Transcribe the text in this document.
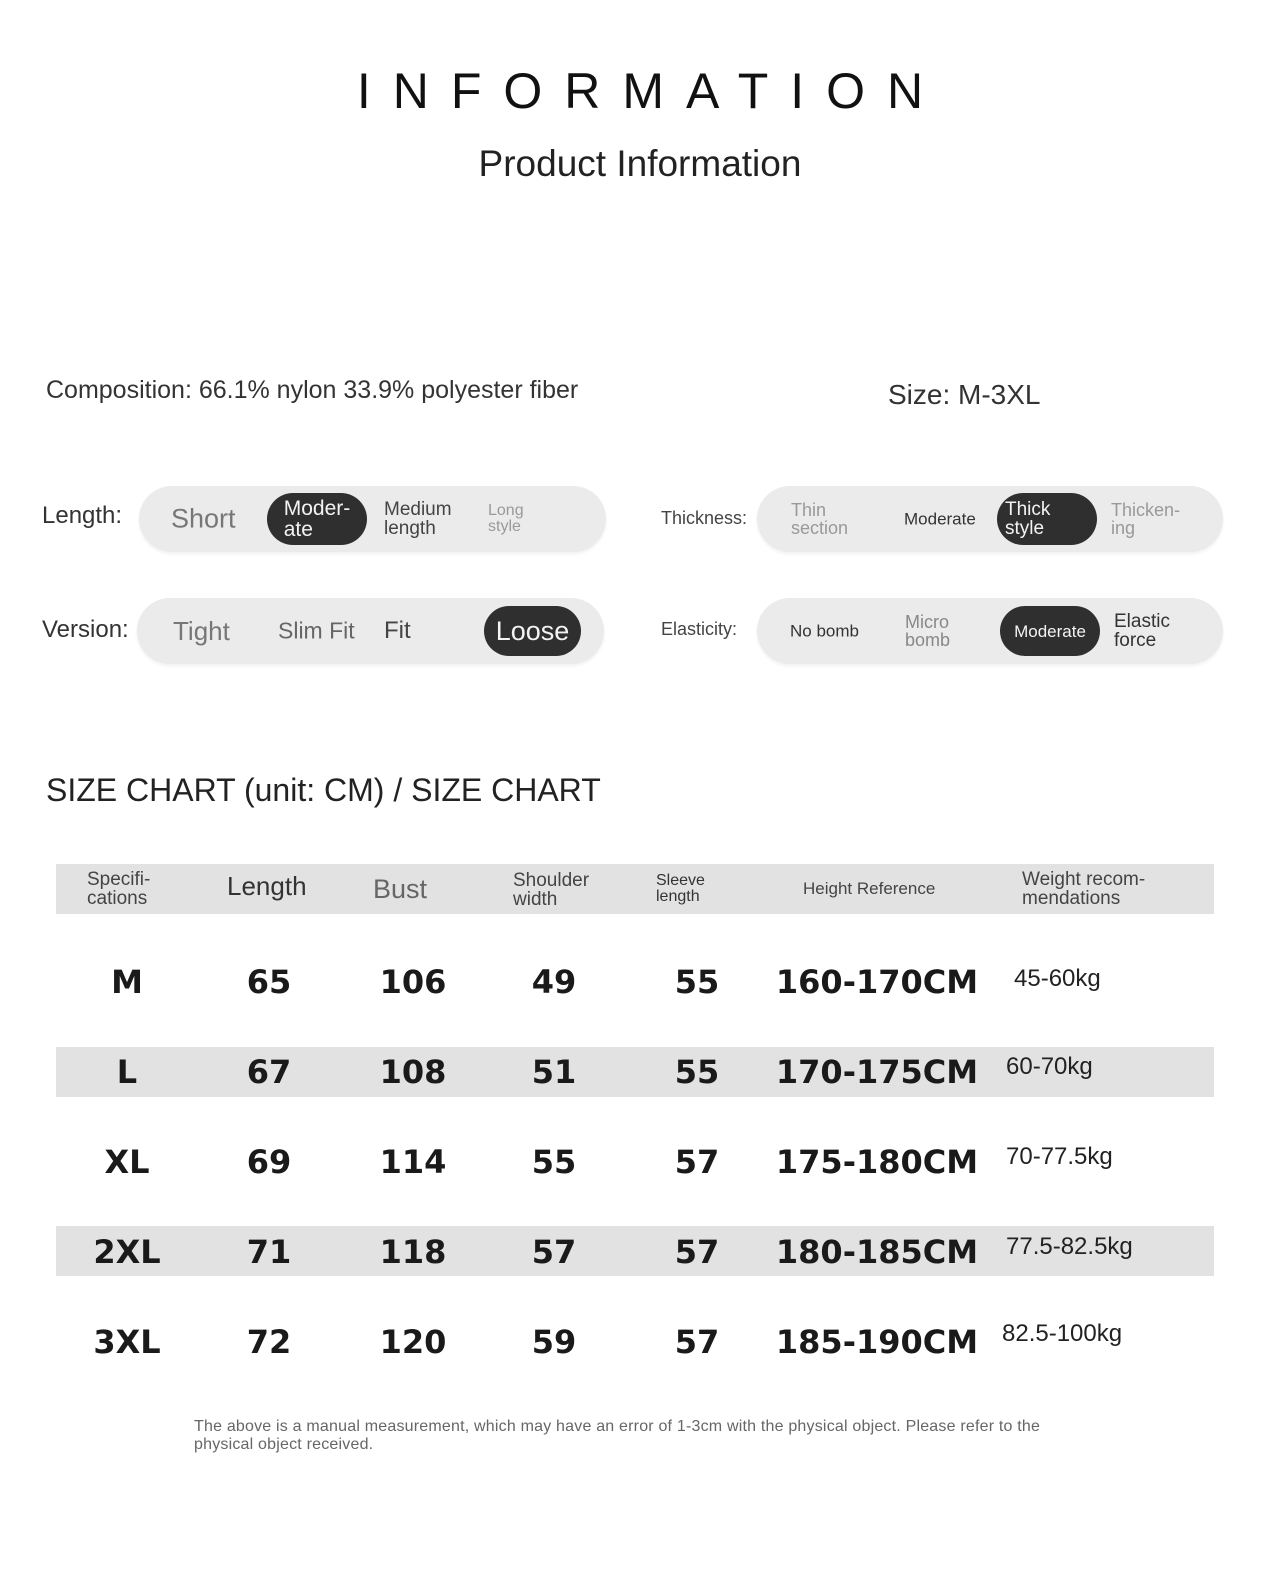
INFORMATION
Product Information
Composition: 66.1% nylon 33.9% polyester fiber	Size: M-3XL
Length: Short	Moder-
ate
Medium
length
Long
style	Thickness: Thin
section	Moderate	Thick
style
Thicken-
ing
Version: Tight Slim Fit Fit	Loose	Elasticity:	No bomb	Micro
bomb	Moderate	Elastic
force
SIZE CHART (unit: CM) / SIZE CHART
Specifi-
cations	Length Bust	Shoulder
width
Sleeve
length	Height Reference	Weight recom-
mendations
M	65	106	49	55	160-170CM	45-60kg
L	67	108	51	55	170-175CM	60-70kg
XL	69	114	55	57	175-180CM	70-77.5kg
2XL	71	118	57	57	180-185CM	77.5-82.5kg
3XL	72	120	59	57	185-190CM 82.5-100kg
The above is a manual measurement, which may have an error of 1-3cm with the physical object. Please refer to the physical object received.
